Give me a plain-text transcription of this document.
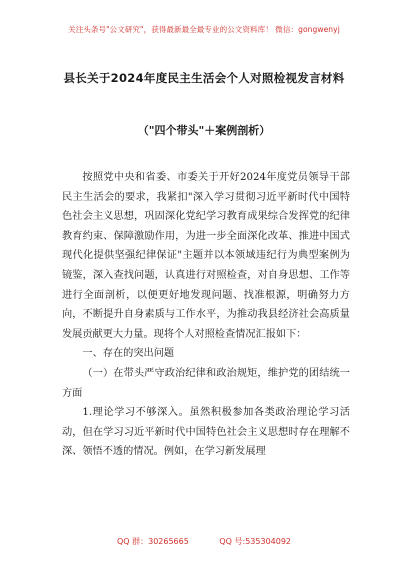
关注头条号"公文研究"，获得最新最全最专业的公文资料库！ 微信：gongwenyj
县长关于2024年度民主生活会个人对照检视发言材料
（"四个带头"＋案例剖析）

按照党中央和省委、市委关于开好2024年度党员领导干部民主生活会的要求，我紧扣"深入学习贯彻习近平新时代中国特色社会主义思想，巩固深化党纪学习教育成果综合发挥党的纪律教育约束、保障激励作用，为进一步全面深化改革、推进中国式现代化提供坚强纪律保证"主题并以本领域违纪行为典型案例为镜鉴，深入查找问题，认真进行对照检查，对自身思想、工作等进行全面剖析，以便更好地发现问题、找准根源，明确努力方向，不断提升自身素质与工作水平，为推动我县经济社会高质量发展贡献更大力量。现将个人对照检查情况汇报如下：

一、存在的突出问题

（一）在带头严守政治纪律和政治规矩，维护党的团结统一方面

1.理论学习不够深入。虽然积极参加各类政治理论学习活动，但在学习习近平新时代中国特色社会主义思想时存在理解不深、领悟不透的情况。例如，在学习新发展理

QQ 群：30265665	QQ 号:535304092
